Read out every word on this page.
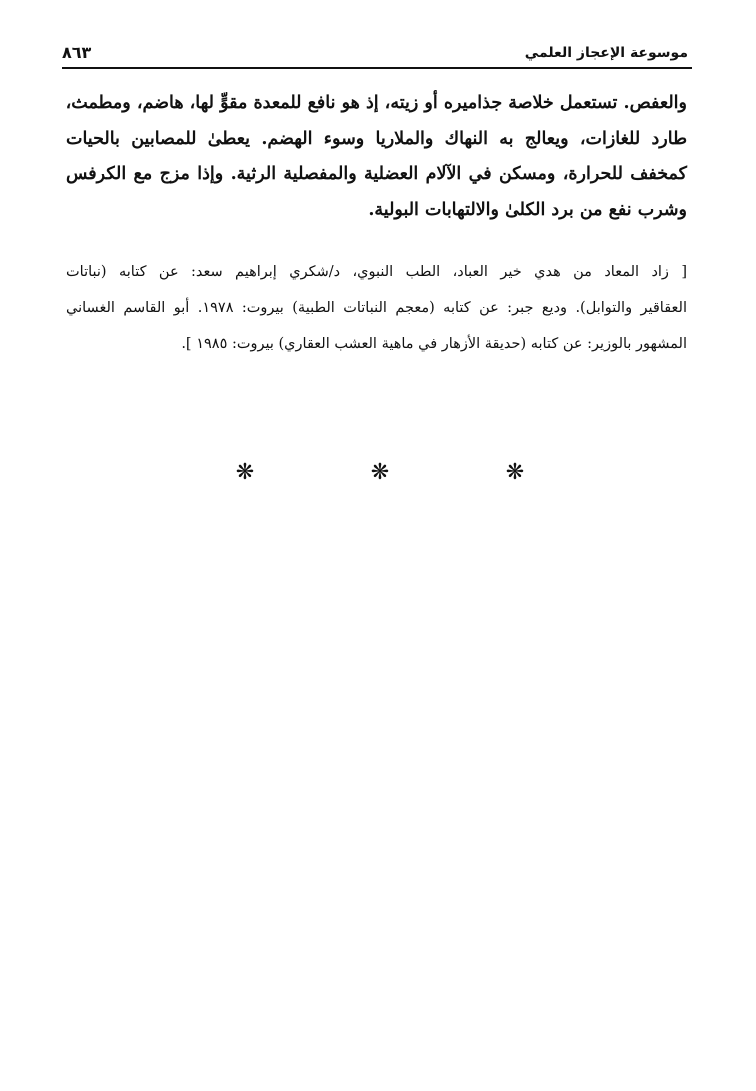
موسوعة الإعجاز العلمي
٨٦٣
والعفص. تستعمل خلاصة جذاميره أو زيته، إذ هو نافع للمعدة مقوٍّ لها، هاضم، ومطمث،
طارد للغازات، ويعالج به النهاك والملاريا وسوء الهضم. يعطىٰ للمصابين بالحيات
كمخفف للحرارة، ومسكن في الآلام العضلية والمفصلية الرثية. وإذا مزج مع الكرفس
وشرب نفع من برد الكلىٰ والالتهابات البولية.
[ زاد المعاد من هدي خير العباد، الطب النبوي، د/شكري إبراهيم سعد: عن كتابه (نباتات
العقاقير والتوابل). وديع جبر: عن كتابه (معجم النباتات الطبية) بيروت: ١٩٧٨. أبو القاسم الغساني
المشهور بالوزير: عن كتابه (حديقة الأزهار في ماهية العشب العقاري) بيروت: ١٩٨٥ ].
❋	❋	❋
